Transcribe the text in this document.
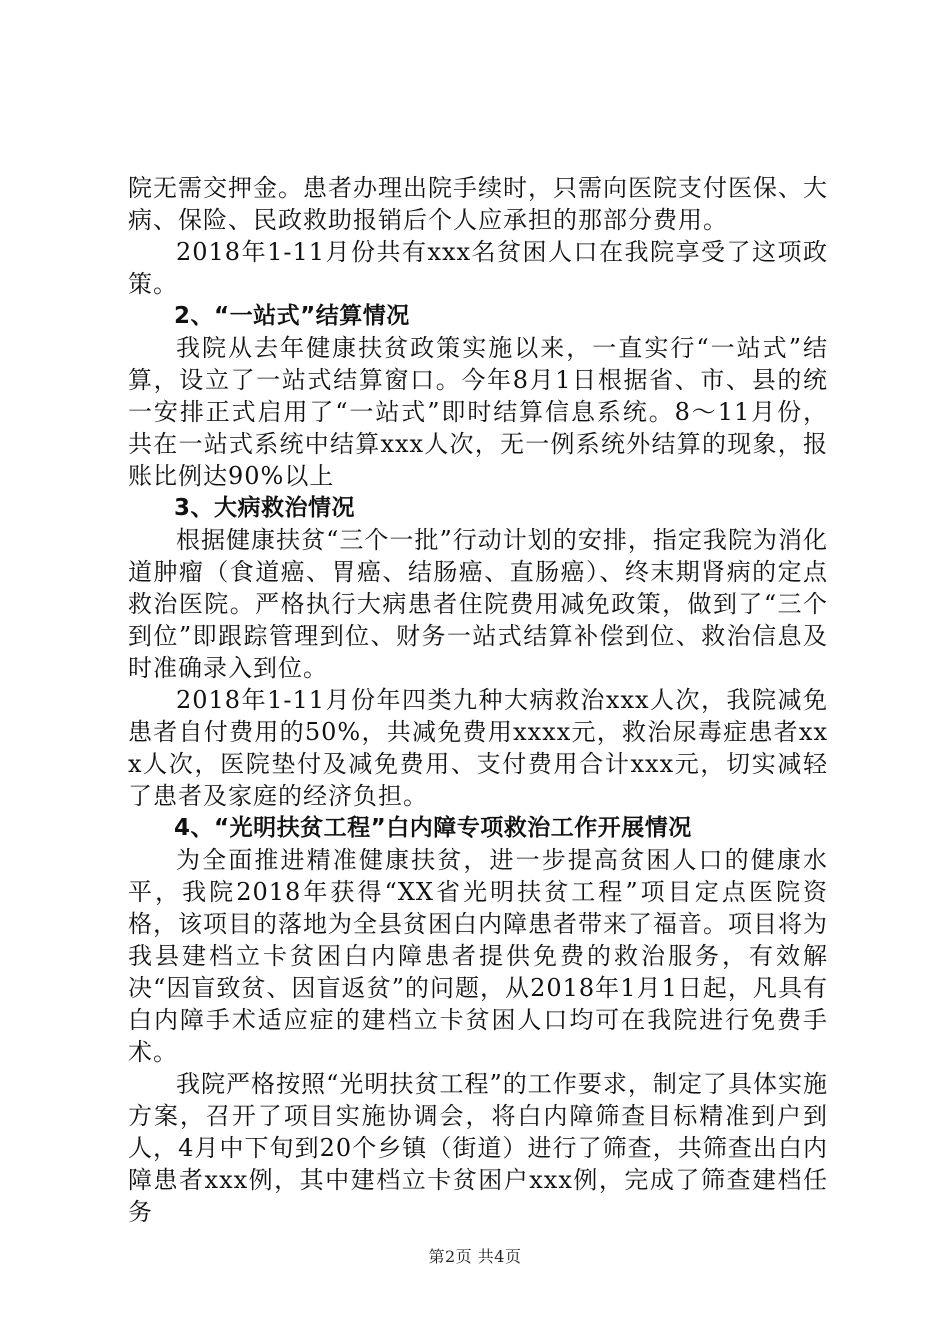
院无需交押金。患者办理出院手续时，只需向医院支付医保、大病、保险、民政救助报销后个人应承担的那部分费用。

2018年1-11月份共有xxx名贫困人口在我院享受了这项政策。

2、“一站式”结算情况

我院从去年健康扶贫政策实施以来，一直实行“一站式”结算，设立了一站式结算窗口。今年8月1日根据省、市、县的统一安排正式启用了“一站式”即时结算信息系统。8～11月份，共在一站式系统中结算xxx人次，无一例系统外结算的现象，报账比例达90%以上

3、大病救治情况

根据健康扶贫“三个一批”行动计划的安排，指定我院为消化道肿瘤（食道癌、胃癌、结肠癌、直肠癌）、终末期肾病的定点救治医院。严格执行大病患者住院费用减免政策，做到了“三个到位”即跟踪管理到位、财务一站式结算补偿到位、救治信息及时准确录入到位。

2018年1-11月份年四类九种大病救治xxx人次，我院减免患者自付费用的50%，共减免费用xxxx元，救治尿毒症患者xxx人次，医院垫付及减免费用、支付费用合计xxx元，切实减轻了患者及家庭的经济负担。

4、“光明扶贫工程”白内障专项救治工作开展情况

为全面推进精准健康扶贫，进一步提高贫困人口的健康水平，我院2018年获得“XX省光明扶贫工程”项目定点医院资格，该项目的落地为全县贫困白内障患者带来了福音。项目将为我县建档立卡贫困白内障患者提供免费的救治服务，有效解决“因盲致贫、因盲返贫”的问题，从2018年1月1日起，凡具有白内障手术适应症的建档立卡贫困人口均可在我院进行免费手术。

我院严格按照“光明扶贫工程”的工作要求，制定了具体实施方案，召开了项目实施协调会，将白内障筛查目标精准到户到人，4月中下旬到20个乡镇（街道）进行了筛查，共筛查出白内障患者xxx例，其中建档立卡贫困户xxx例，完成了筛查建档任务

第2页 共4页
